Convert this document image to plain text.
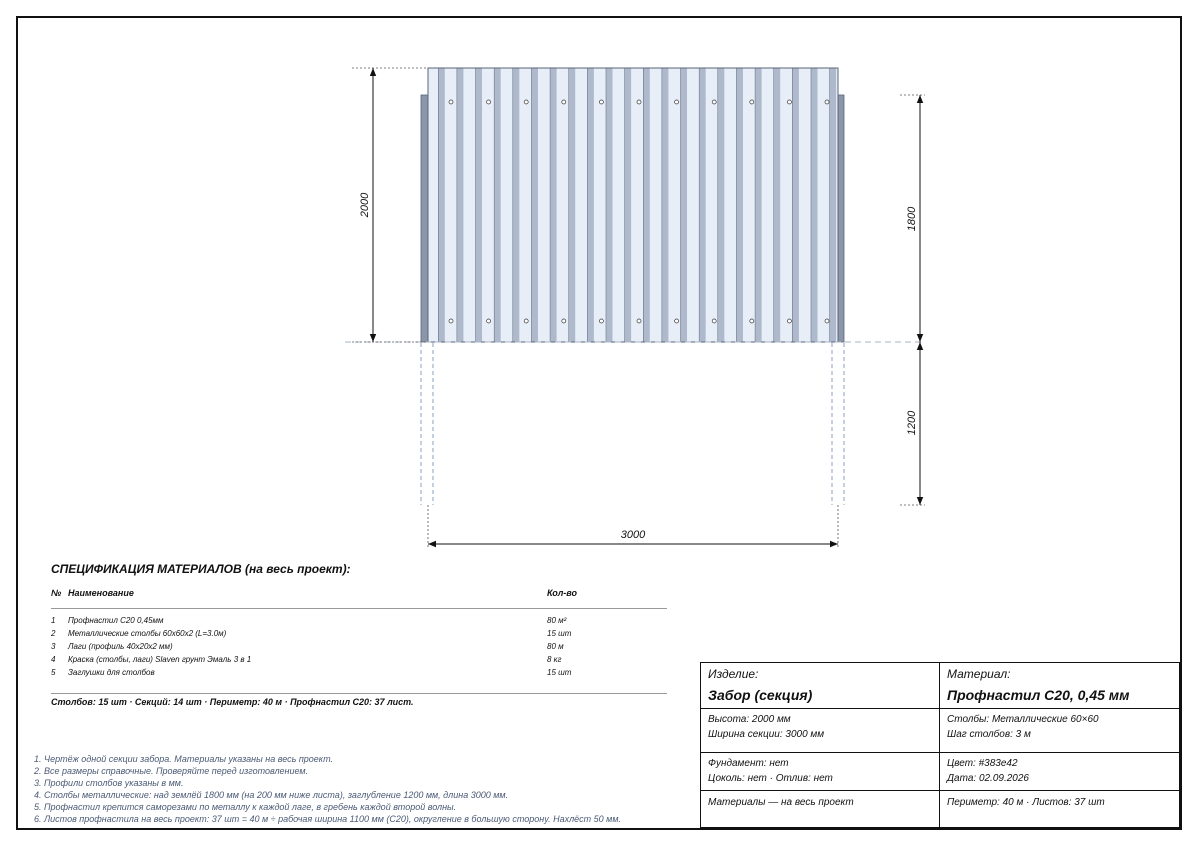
2000
1800
1200
3000
СПЕЦИФИКАЦИЯ МАТЕРИАЛОВ (на весь проект):
№ Наименование	Кол-во
1	Профнастил С20 0,45мм	80 м²
2	Металлические столбы 60x60x2 (L=3.0м)	15 шт
3	Лаги (профиль 40x20x2 мм)	80 м
4	Краска (столбы, лаги) Slaven грунт Эмаль 3 в 1	8 кг
5	Заглушки для столбов	15 шт
Столбов: 15 шт · Секций: 14 шт · Периметр: 40 м · Профнастил С20: 37 лист.
1. Чертёж одной секции забора. Материалы указаны на весь проект.
2. Все размеры справочные. Проверяйте перед изготовлением.
3. Профили столбов указаны в мм.
4. Столбы металлические: над землёй 1800 мм (на 200 мм ниже листа), заглубление 1200 мм, длина 3000 мм.
5. Профнастил крепится саморезами по металлу к каждой лаге, в гребень каждой второй волны.
6. Листов профнастила на весь проект: 37 шт = 40 м ÷ рабочая ширина 1100 мм (С20), округление в большую сторону. Нахлёст 50 мм.
Изделие:
Забор (секция)
Материал:
Профнастил С20, 0,45 мм
Высота: 2000 мм
Ширина секции: 3000 мм
Столбы: Металлические 60×60
Шаг столбов: 3 м
Фундамент: нет
Цоколь: нет · Отлив: нет
Цвет: #383e42
Дата: 02.09.2026
Материалы — на весь проект	Периметр: 40 м · Листов: 37 шт
